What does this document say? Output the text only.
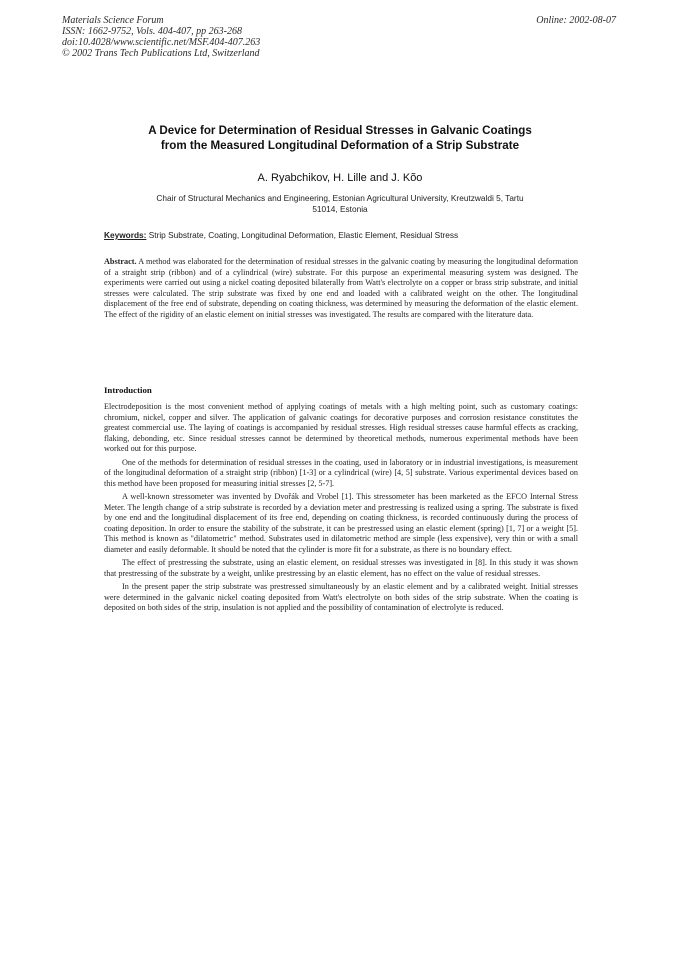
Materials Science Forum
ISSN: 1662-9752, Vols. 404-407, pp 263-268
doi:10.4028/www.scientific.net/MSF.404-407.263
© 2002 Trans Tech Publications Ltd, Switzerland
Online: 2002-08-07
A Device for Determination of Residual Stresses in Galvanic Coatings
from the Measured Longitudinal Deformation of a Strip Substrate
A. Ryabchikov, H. Lille and J. Kõo
Chair of Structural Mechanics and Engineering, Estonian Agricultural University, Kreutzwaldi 5, Tartu
51014, Estonia
Keywords: Strip Substrate, Coating, Longitudinal Deformation, Elastic Element, Residual Stress
Abstract. A method was elaborated for the determination of residual stresses in the galvanic coating by measuring the longitudinal deformation of a straight strip (ribbon) and of a cylindrical (wire) substrate. For this purpose an experimental measuring system was designed. The experiments were carried out using a nickel coating deposited bilaterally from Watt's electrolyte on a copper or brass strip substrate, and initial stresses were calculated. The strip substrate was fixed by one end and loaded with a calibrated weight on the other. The longitudinal displacement of the free end of substrate, depending on coating thickness, was determined by measuring the deformation of the elastic element. The effect of the rigidity of an elastic element on initial stresses was investigated. The results are compared with the literature data.
Introduction

Electrodeposition is the most convenient method of applying coatings of metals with a high melting point, such as customary coatings: chromium, nickel, copper and silver. The application of galvanic coatings for decorative purposes and corrosion resistance constitutes the greatest commercial use. The laying of coatings is accompanied by residual stresses. High residual stresses cause harmful effects as cracking, flaking, debonding, etc. Since residual stresses cannot be determined by theoretical methods, numerous experimental methods have been worked out for this purpose.

One of the methods for determination of residual stresses in the coating, used in laboratory or in industrial investigations, is measurement of the longitudinal deformation of a straight strip (ribbon) [1-3] or a cylindrical (wire) [4, 5] substrate. Various experimental devices based on this method have been proposed for measuring initial stresses [2, 5-7].

A well-known stressometer was invented by Dvořák and Vrobel [1]. This stressometer has been marketed as the EFCO Internal Stress Meter. The length change of a strip substrate is recorded by a deviation meter and prestressing is realized using a spring. The substrate is fixed by one end and the longitudinal displacement of its free end, depending on coating thickness, is recorded continuously during the process of coating deposition. In order to ensure the stability of the substrate, it can be prestressed using an elastic element (spring) [1, 7] or a weight [5]. This method is known as "dilatometric" method. Substrates used in dilatometric method are simple (less expensive), very thin or with a small diameter and easily deformable. It should be noted that the cylinder is more fit for a substrate, as there is no boundary effect.

The effect of prestressing the substrate, using an elastic element, on residual stresses was investigated in [8]. In this study it was shown that prestressing of the substrate by a weight, unlike prestressing by an elastic element, has no effect on the value of residual stresses.

In the present paper the strip substrate was prestressed simultaneously by an elastic element and by a calibrated weight. Initial stresses were determined in the galvanic nickel coating deposited from Watt's electrolyte on both sides of the strip substrate. When the coating is deposited on both sides of the strip, insulation is not applied and the possibility of contamination of electrolyte is reduced.
